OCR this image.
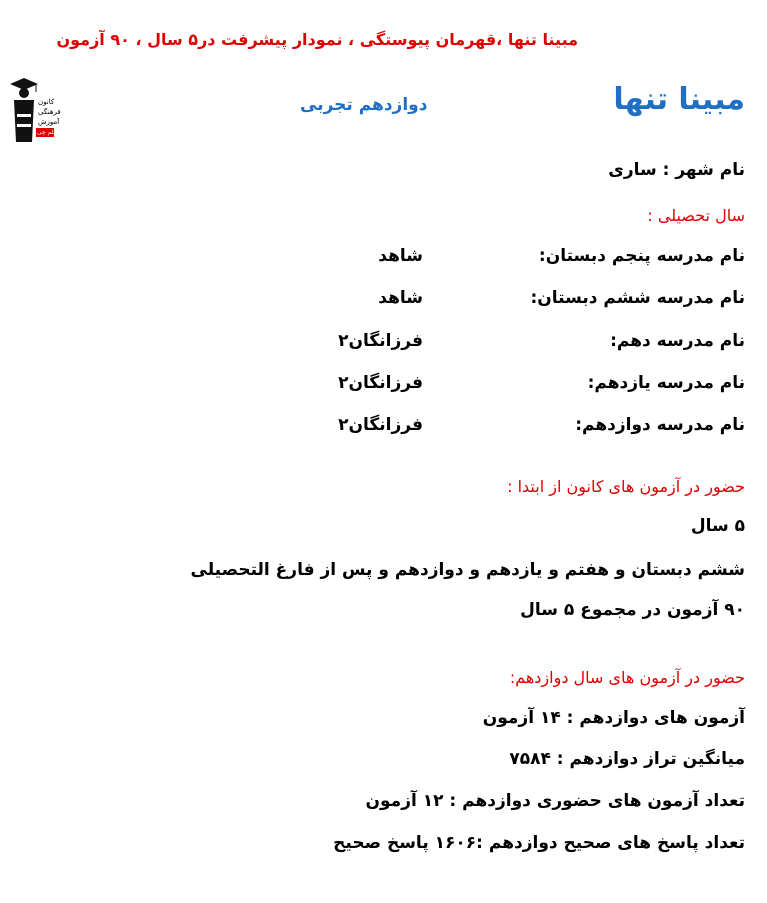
مبینا تنها ،قهرمان پیوستگی ، نمودار پیشرفت در۵ سال ، ۹۰ آزمون
کانون
فرهنگی
آموزش
قلم چی
مبینا تنها
دوازدهم تجربی
نام شهر : ساری
سال تحصیلی :
نام مدرسه پنجم دبستان:
شاهد
نام مدرسه ششم دبستان:
شاهد
نام مدرسه دهم:
فرزانگان۲
نام مدرسه یازدهم:
فرزانگان۲
نام مدرسه دوازدهم:
فرزانگان۲
حضور در آزمون های کانون از ابتدا :
۵ سال
ششم دبستان و هفتم و یازدهم و دوازدهم و پس از فارغ التحصیلی
۹۰ آزمون در مجموع ۵ سال
حضور در آزمون های سال دوازدهم:
آزمون های دوازدهم : ۱۴ آزمون
میانگین تراز دوازدهم : ۷۵۸۴
تعداد آزمون های حضوری دوازدهم : ۱۲ آزمون
تعداد پاسخ های صحیح دوازدهم :۱۶۰۶ پاسخ صحیح
